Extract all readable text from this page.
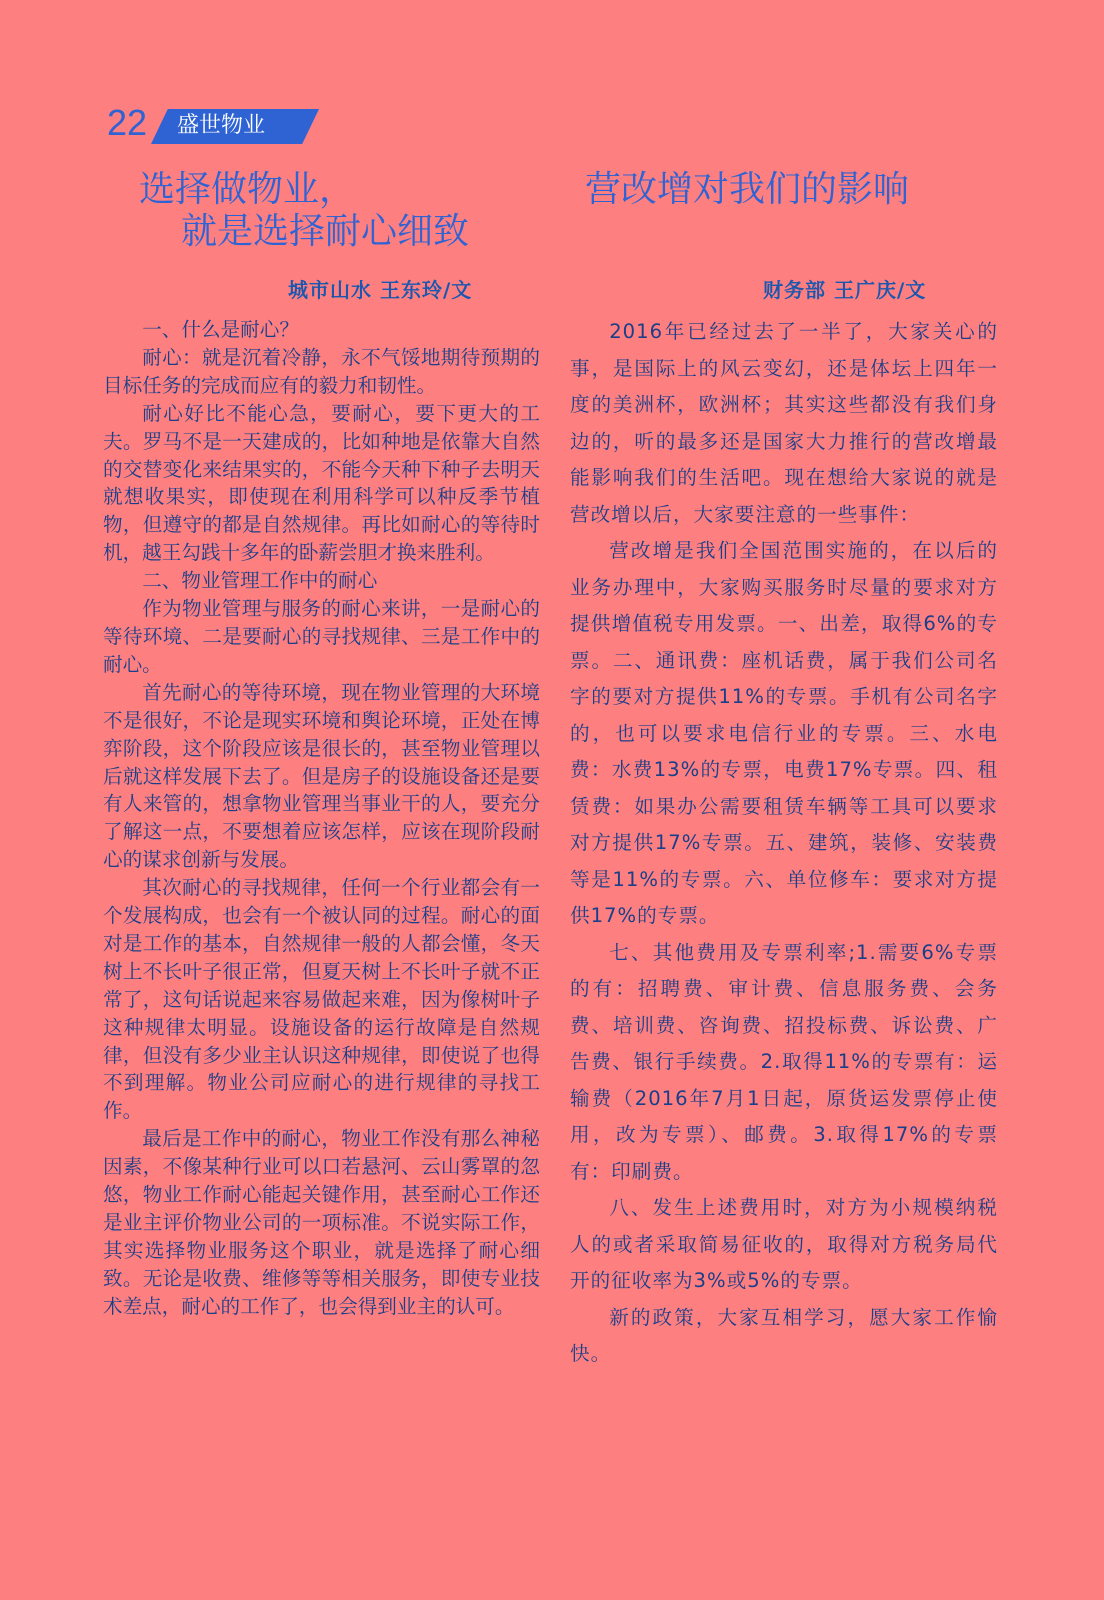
22 盛世物业

选择做物业，
就是选择耐心细致

城市山水 王东玲/文

一、什么是耐心？

耐心：就是沉着冷静，永不气馁地期待预期的目标任务的完成而应有的毅力和韧性。

耐心好比不能心急，要耐心，要下更大的工夫。罗马不是一天建成的，比如种地是依靠大自然的交替变化来结果实的，不能今天种下种子去明天就想收果实，即使现在利用科学可以种反季节植物，但遵守的都是自然规律。再比如耐心的等待时机，越王勾践十多年的卧薪尝胆才换来胜利。

二、物业管理工作中的耐心

作为物业管理与服务的耐心来讲，一是耐心的等待环境、二是要耐心的寻找规律、三是工作中的耐心。

首先耐心的等待环境，现在物业管理的大环境不是很好，不论是现实环境和舆论环境，正处在博弈阶段，这个阶段应该是很长的，甚至物业管理以后就这样发展下去了。但是房子的设施设备还是要有人来管的，想拿物业管理当事业干的人，要充分了解这一点，不要想着应该怎样，应该在现阶段耐心的谋求创新与发展。

其次耐心的寻找规律，任何一个行业都会有一个发展构成，也会有一个被认同的过程。耐心的面对是工作的基本，自然规律一般的人都会懂，冬天树上不长叶子很正常，但夏天树上不长叶子就不正常了，这句话说起来容易做起来难，因为像树叶子这种规律太明显。设施设备的运行故障是自然规律，但没有多少业主认识这种规律，即使说了也得不到理解。物业公司应耐心的进行规律的寻找工作。

最后是工作中的耐心，物业工作没有那么神秘因素，不像某种行业可以口若悬河、云山雾罩的忽悠，物业工作耐心能起关键作用，甚至耐心工作还是业主评价物业公司的一项标准。不说实际工作，其实选择物业服务这个职业，就是选择了耐心细致。无论是收费、维修等等相关服务，即使专业技术差点，耐心的工作了，也会得到业主的认可。

营改增对我们的影响

财务部 王广庆/文

2016年已经过去了一半了，大家关心的事，是国际上的风云变幻，还是体坛上四年一度的美洲杯，欧洲杯；其实这些都没有我们身边的，听的最多还是国家大力推行的营改增最能影响我们的生活吧。现在想给大家说的就是营改增以后，大家要注意的一些事件：

营改增是我们全国范围实施的，在以后的业务办理中，大家购买服务时尽量的要求对方提供增值税专用发票。一、出差，取得6%的专票。二、通讯费：座机话费，属于我们公司名字的要对方提供11%的专票。手机有公司名字的，也可以要求电信行业的专票。三、水电费：水费13%的专票，电费17%专票。四、租赁费：如果办公需要租赁车辆等工具可以要求对方提供17%专票。五、建筑，装修、安装费等是11%的专票。六、单位修车：要求对方提供17%的专票。

七、其他费用及专票利率;1.需要6%专票的有：招聘费、审计费、信息服务费、会务费、培训费、咨询费、招投标费、诉讼费、广告费、银行手续费。2.取得11%的专票有：运输费（2016年7月1日起，原货运发票停止使用，改为专票）、邮费。3.取得17%的专票有：印刷费。

八、发生上述费用时，对方为小规模纳税人的或者采取简易征收的，取得对方税务局代开的征收率为3%或5%的专票。

新的政策，大家互相学习，愿大家工作愉快。
